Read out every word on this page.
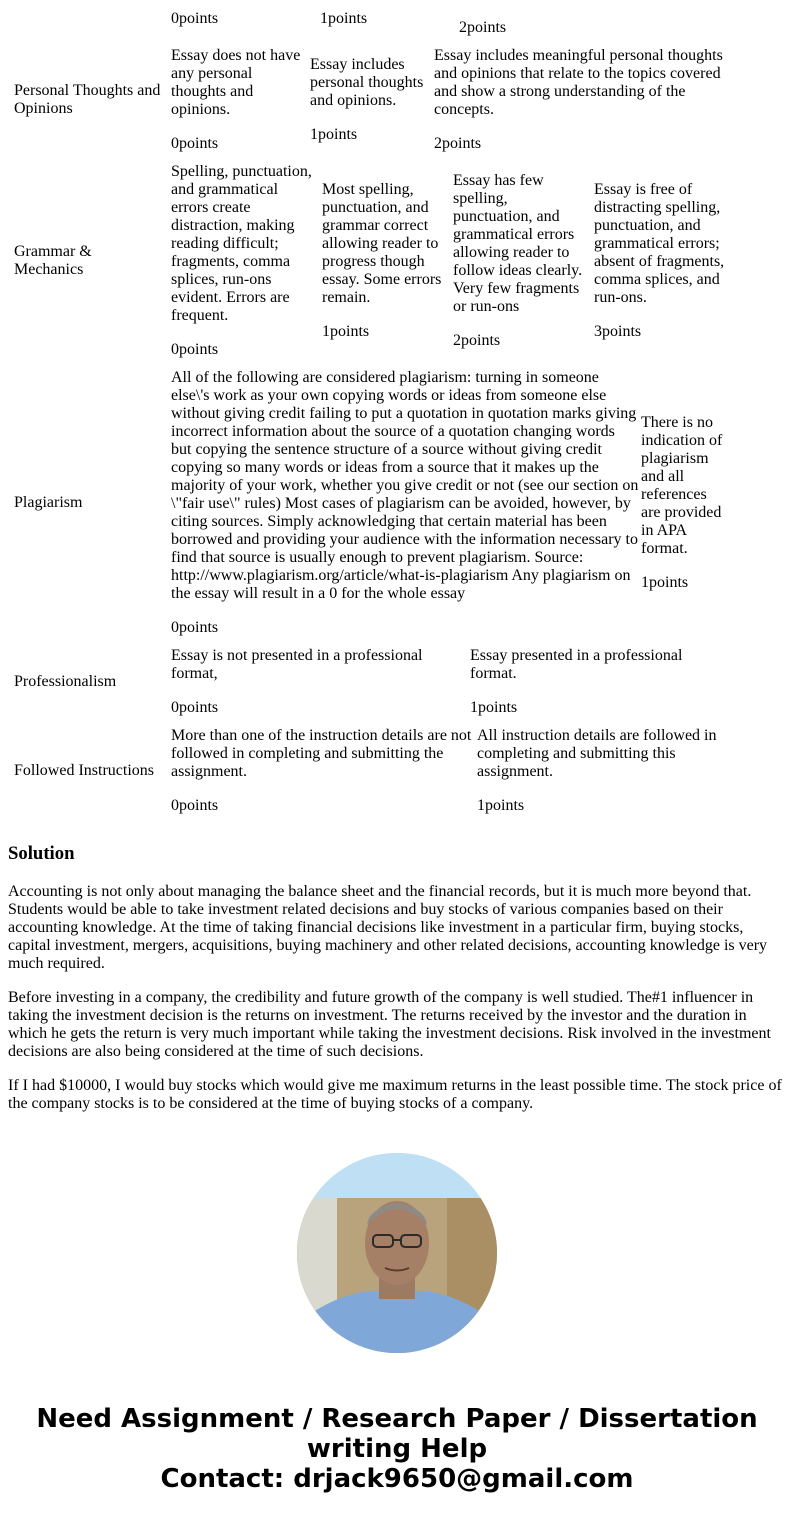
0points	1points
2points
Personal Thoughts and Opinions
Essay does not have any personal thoughts and opinions.
0points
Essay includes personal thoughts and opinions.
1points
Essay includes meaningful personal thoughts and opinions that relate to the topics covered and show a strong understanding of the concepts.
2points
Grammar & Mechanics
Spelling, punctuation, and grammatical errors create distraction, making reading difficult; fragments, comma splices, run-ons evident. Errors are frequent.
0points
Most spelling, punctuation, and grammar correct allowing reader to progress though essay. Some errors remain.
1points
Essay has few spelling, punctuation, and grammatical errors allowing reader to follow ideas clearly. Very few fragments or run-ons
2points
Essay is free of distracting spelling, punctuation, and grammatical errors; absent of fragments, comma splices, and run-ons.
3points
Plagiarism
All of the following are considered plagiarism: turning in someone else\'s work as your own copying words or ideas from someone else without giving credit failing to put a quotation in quotation marks giving incorrect information about the source of a quotation changing words but copying the sentence structure of a source without giving credit copying so many words or ideas from a source that it makes up the majority of your work, whether you give credit or not (see our section on \"fair use\" rules) Most cases of plagiarism can be avoided, however, by citing sources. Simply acknowledging that certain material has been borrowed and providing your audience with the information necessary to find that source is usually enough to prevent plagiarism. Source: http://www.plagiarism.org/article/what-is-plagiarism Any plagiarism on the essay will result in a 0 for the whole essay
0points
There is no indication of plagiarism and all references are provided in APA format.
1points
Professionalism
Essay is not presented in a professional format,
0points
Essay presented in a professional format.
1points
Followed Instructions
More than one of the instruction details are not followed in completing and submitting the assignment.
0points
All instruction details are followed in completing and submitting this assignment.
1points
Solution

Accounting is not only about managing the balance sheet and the financial records, but it is much more beyond that. Students would be able to take investment related decisions and buy stocks of various companies based on their accounting knowledge. At the time of taking financial decisions like investment in a particular firm, buying stocks, capital investment, mergers, acquisitions, buying machinery and other related decisions, accounting knowledge is very much required.

Before investing in a company, the credibility and future growth of the company is well studied. The#1 influencer in taking the investment decision is the returns on investment. The returns received by the investor and the duration in which he gets the return is very much important while taking the investment decisions. Risk involved in the investment decisions are also being considered at the time of such decisions.

If I had $10000, I would buy stocks which would give me maximum returns in the least possible time. The stock price of the company stocks is to be considered at the time of buying stocks of a company.

Need Assignment / Research Paper / Dissertation
writing Help
Contact: drjack9650@gmail.com
